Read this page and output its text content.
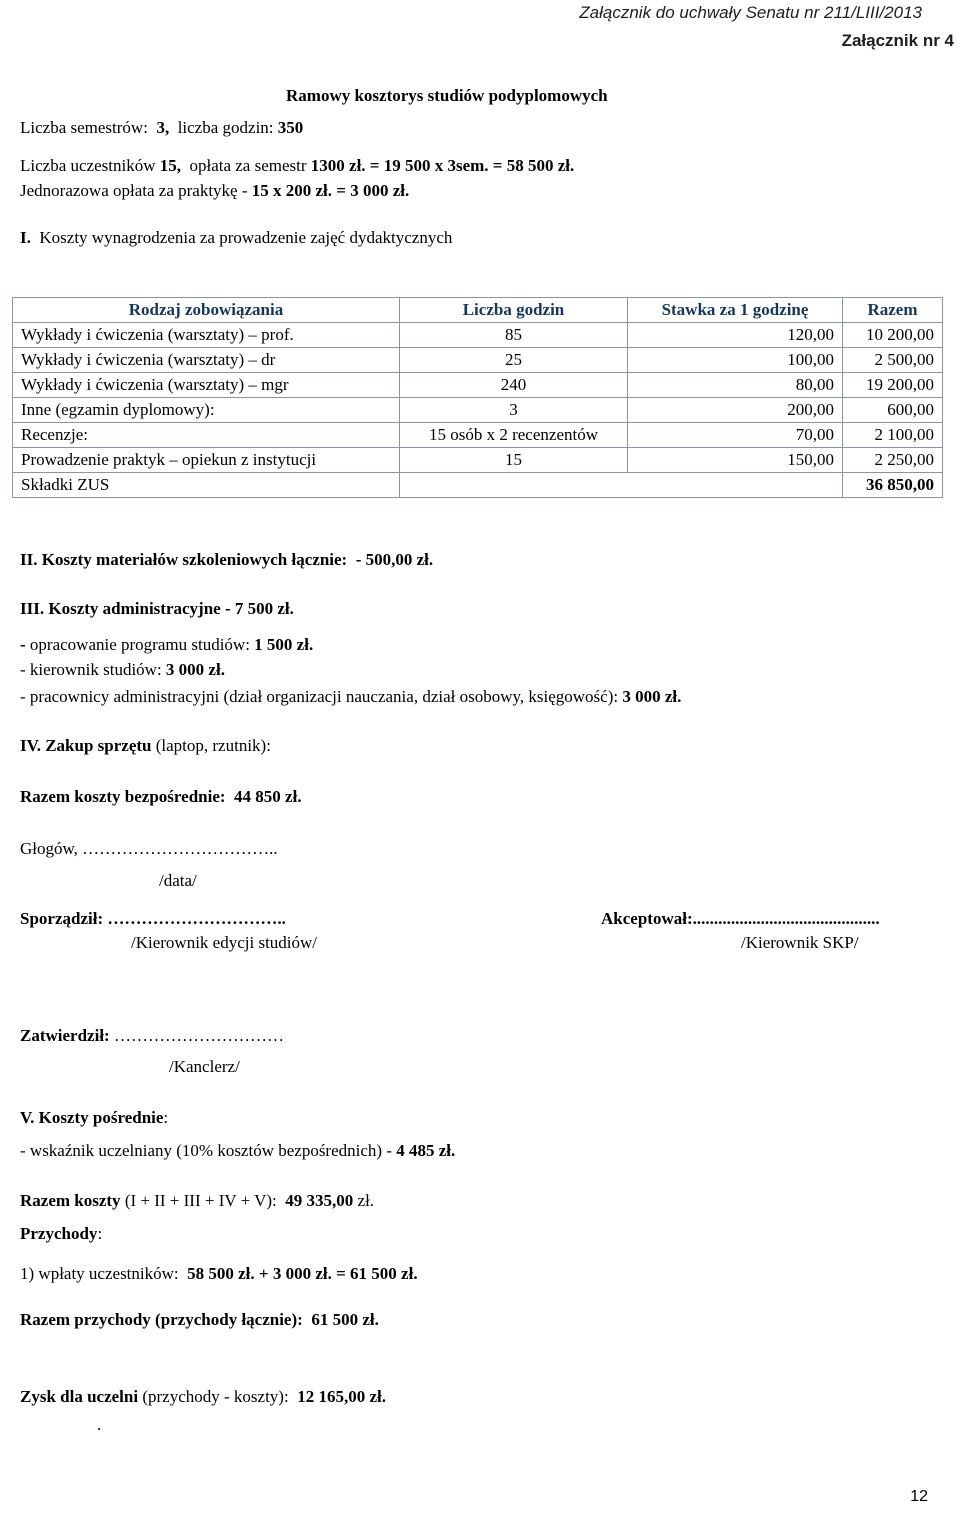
Załącznik do uchwały Senatu nr 211/LIII/2013
Załącznik nr 4
Ramowy kosztorys studiów podyplomowych
Liczba semestrów: 3, liczba godzin: 350
Liczba uczestników 15, opłata za semestr 1300 zł. = 19 500 x 3sem. = 58 500 zł.
Jednorazowa opłata za praktykę - 15 x 200 zł. = 3 000 zł.
I. Koszty wynagrodzenia za prowadzenie zajęć dydaktycznych
Rodzaj zobowiązania	Liczba godzin	Stawka za 1 godzinę	Razem
Wykłady i ćwiczenia (warsztaty) – prof.	85	120,00	10 200,00
Wykłady i ćwiczenia (warsztaty) – dr	25	100,00	2 500,00
Wykłady i ćwiczenia (warsztaty) – mgr	240	80,00	19 200,00
Inne (egzamin dyplomowy):	3	200,00	600,00
Recenzje:	15 osób x 2 recenzentów	70,00	2 100,00
Prowadzenie praktyk – opiekun z instytucji	15	150,00	2 250,00
Składki ZUS			36 850,00
II. Koszty materiałów szkoleniowych łącznie: - 500,00 zł.
III. Koszty administracyjne - 7 500 zł.
- opracowanie programu studiów: 1 500 zł.
- kierownik studiów: 3 000 zł.
- pracownicy administracyjni (dział organizacji nauczania, dział osobowy, księgowość): 3 000 zł.
IV. Zakup sprzętu (laptop, rzutnik):
Razem koszty bezpośrednie: 44 850 zł.
Głogów, ……………………………..
/data/
Sporządził: …………………………..
/Kierownik edycji studiów/
Akceptował:............................................
/Kierownik SKP/
Zatwierdził: …………………………
/Kanclerz/
V. Koszty pośrednie:
- wskaźnik uczelniany (10% kosztów bezpośrednich) - 4 485 zł.
Razem koszty (I + II + III + IV + V): 49 335,00 zł.
Przychody:
1) wpłaty uczestników: 58 500 zł. + 3 000 zł. = 61 500 zł.
Razem przychody (przychody łącznie): 61 500 zł.
Zysk dla uczelni (przychody - koszty): 12 165,00 zł.
.
12
